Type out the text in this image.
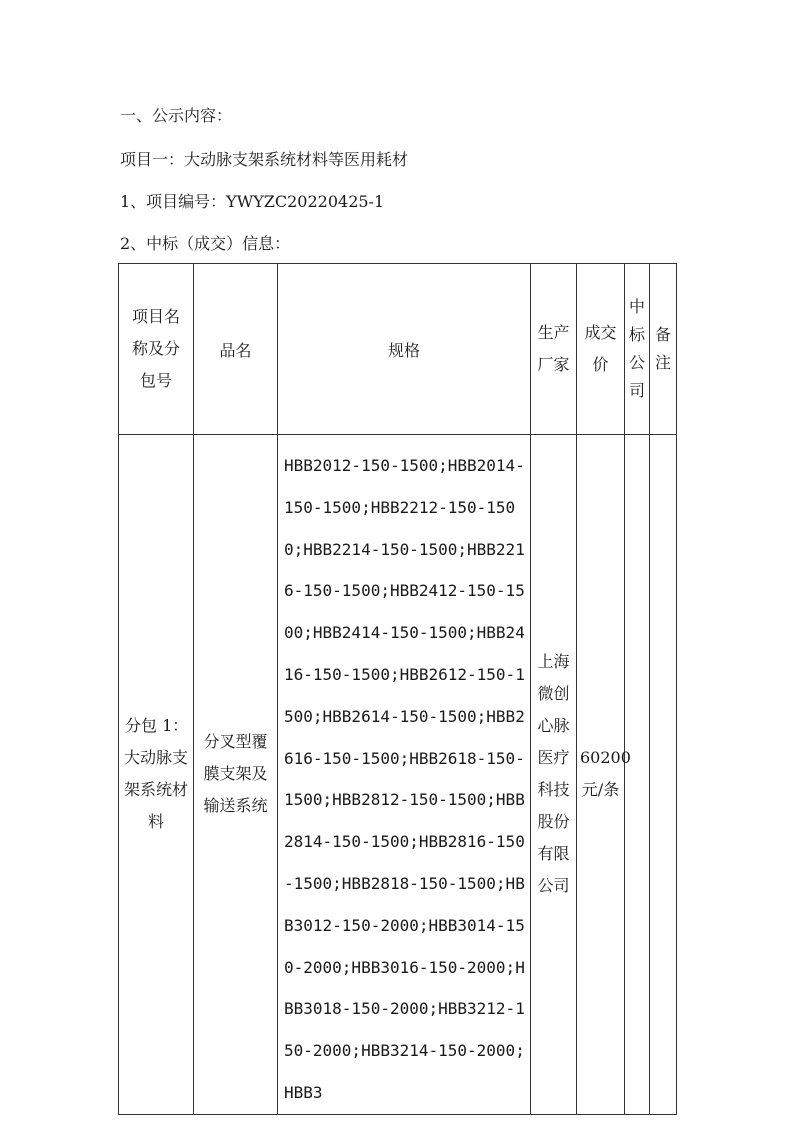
一、公示内容：

项目一：大动脉支架系统材料等医用耗材

1、项目编号：YWYZC20220425-1

2、中标（成交）信息：

项目名称及分包号	品名	规格	生产厂家	成交价	中标公司	备注

分包 1：
大动脉支架系统材料	分叉型覆膜支架及输送系统	HBB2012-150-1500;HBB2014-150-1500;HBB2212-150-1500;HBB2214-150-1500;HBB2216-150-1500;HBB2412-150-1500;HBB2414-150-1500;HBB2416-150-1500;HBB2612-150-1500;HBB2614-150-1500;HBB2616-150-1500;HBB2618-150-1500;HBB2812-150-1500;HBB2814-150-1500;HBB2816-150-1500;HBB2818-150-1500;HBB3012-150-2000;HBB3014-150-2000;HBB3016-150-2000;HBB3018-150-2000;HBB3212-150-2000;HBB3214-150-2000;HBB3	上海微创心脉医疗科技股份有限公司	60200元/条		
